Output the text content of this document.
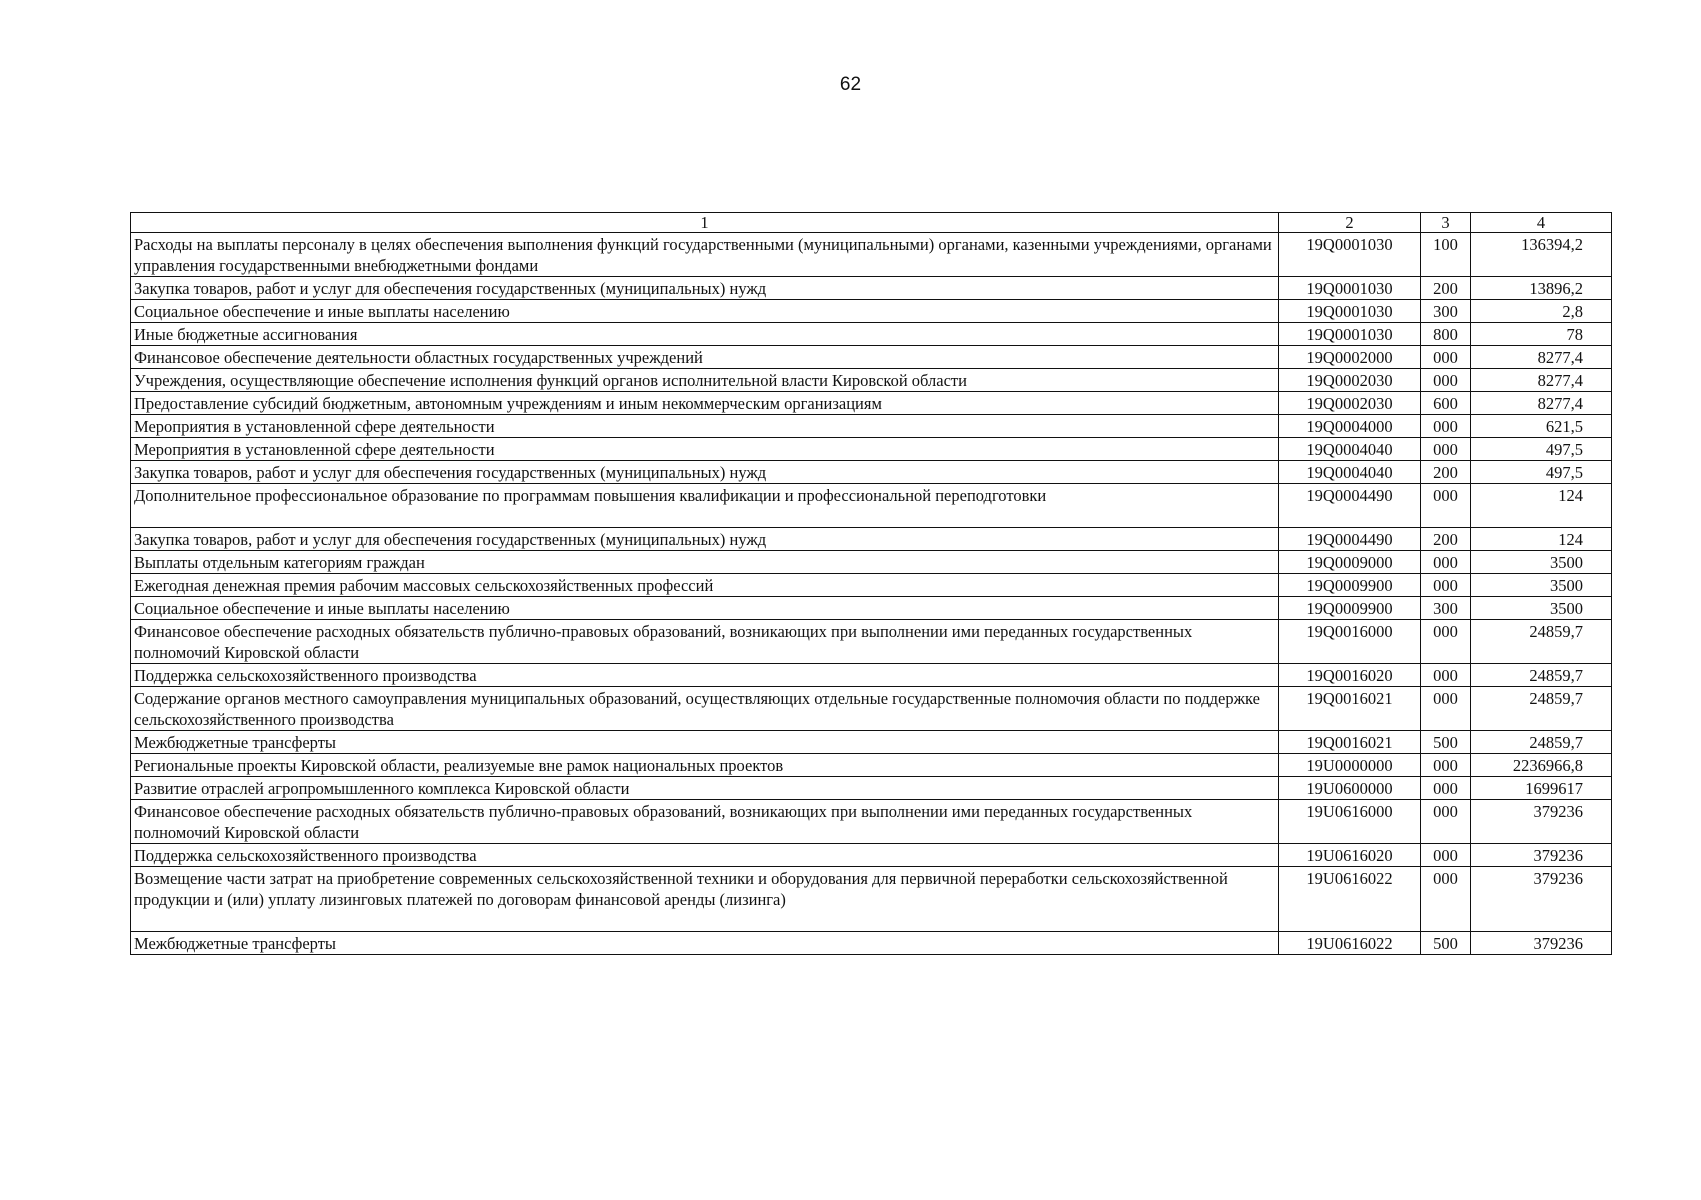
62
1	2	3	4
Расходы на выплаты персоналу в целях обеспечения выполнения функций государственными (муниципальными) органами, казенными учреждениями, органами управления государственными внебюджетными фондами	19Q0001030	100	136394,2
Закупка товаров, работ и услуг для обеспечения государственных (муниципальных) нужд	19Q0001030	200	13896,2
Социальное обеспечение и иные выплаты населению	19Q0001030	300	2,8
Иные бюджетные ассигнования	19Q0001030	800	78
Финансовое обеспечение деятельности областных государственных учреждений	19Q0002000	000	8277,4
Учреждения, осуществляющие обеспечение исполнения функций органов исполнительной власти Кировской области	19Q0002030	000	8277,4
Предоставление субсидий бюджетным, автономным учреждениям и иным некоммерческим организациям	19Q0002030	600	8277,4
Мероприятия в установленной сфере деятельности	19Q0004000	000	621,5
Мероприятия в установленной сфере деятельности	19Q0004040	000	497,5
Закупка товаров, работ и услуг для обеспечения государственных (муниципальных) нужд	19Q0004040	200	497,5
Дополнительное профессиональное образование по программам повышения квалификации и профессиональной переподготовки	19Q0004490	000	124
Закупка товаров, работ и услуг для обеспечения государственных (муниципальных) нужд	19Q0004490	200	124
Выплаты отдельным категориям граждан	19Q0009000	000	3500
Ежегодная денежная премия рабочим массовых сельскохозяйственных профессий	19Q0009900	000	3500
Социальное обеспечение и иные выплаты населению	19Q0009900	300	3500
Финансовое обеспечение расходных обязательств публично-правовых образований, возникающих при выполнении ими переданных государственных полномочий Кировской области	19Q0016000	000	24859,7
Поддержка сельскохозяйственного производства	19Q0016020	000	24859,7
Содержание органов местного самоуправления муниципальных образований, осуществляющих отдельные государственные полномочия области по поддержке сельскохозяйственного производства	19Q0016021	000	24859,7
Межбюджетные трансферты	19Q0016021	500	24859,7
Региональные проекты Кировской области, реализуемые вне рамок национальных проектов	19U0000000	000	2236966,8
Развитие отраслей агропромышленного комплекса Кировской области	19U0600000	000	1699617
Финансовое обеспечение расходных обязательств публично-правовых образований, возникающих при выполнении ими переданных государственных полномочий Кировской области	19U0616000	000	379236
Поддержка сельскохозяйственного производства	19U0616020	000	379236
Возмещение части затрат на приобретение современных сельскохозяйственной техники и оборудования для первичной переработки сельскохозяйственной продукции и (или) уплату лизинговых платежей по договорам финансовой аренды (лизинга)	19U0616022	000	379236
Межбюджетные трансферты	19U0616022	500	379236
